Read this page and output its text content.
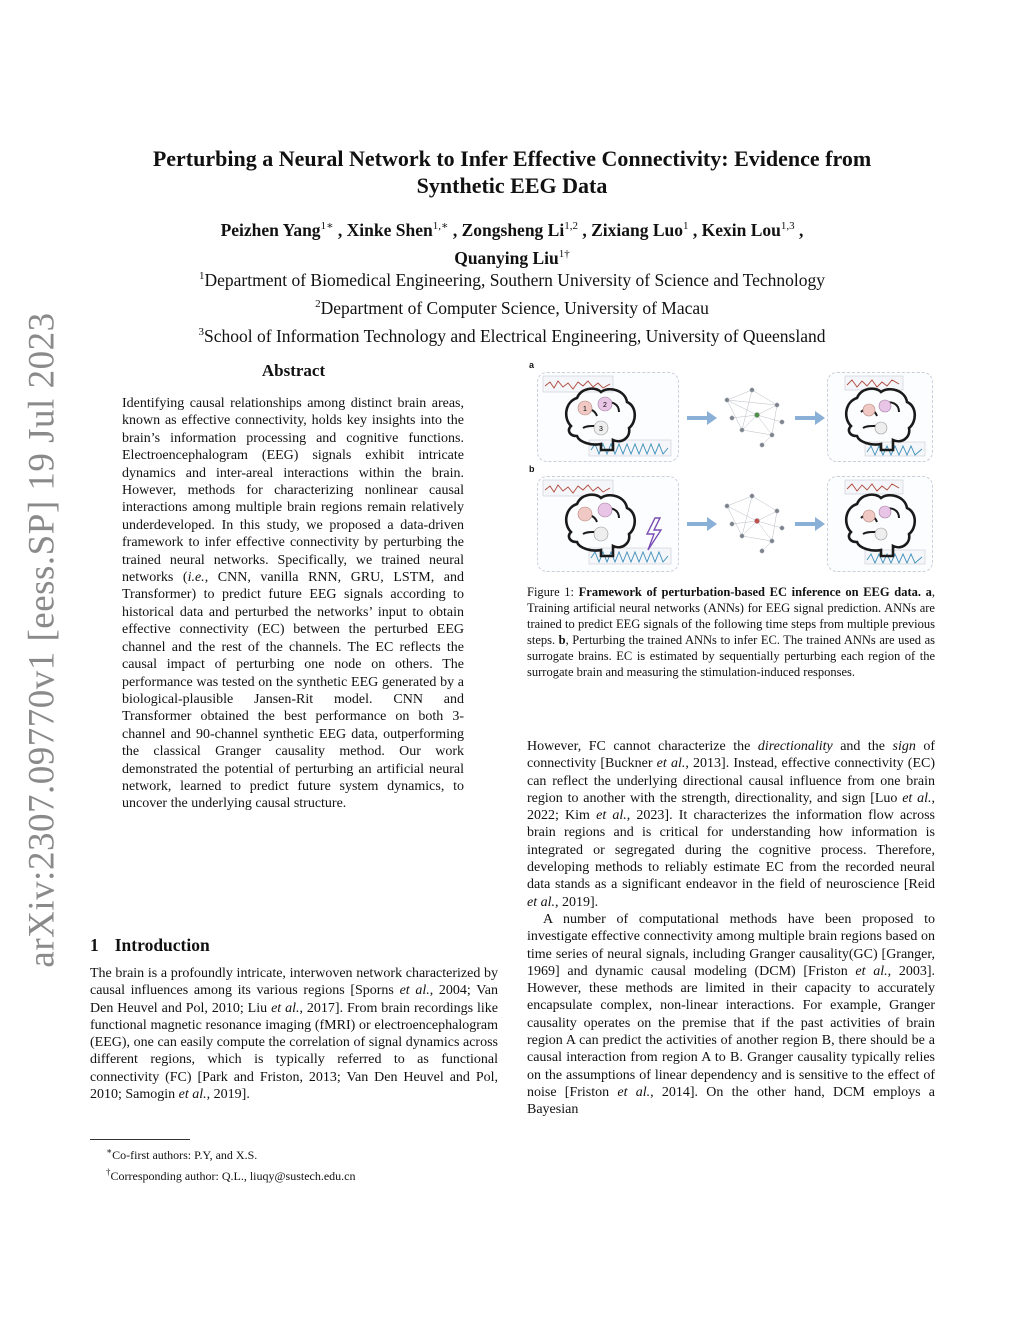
arXiv:2307.09770v1 [eess.SP] 19 Jul 2023
Perturbing a Neural Network to Infer Effective Connectivity: Evidence from
Synthetic EEG Data
Peizhen Yang$^{1∗}$ , Xinke Shen$^{1,∗}$ , Zongsheng Li$^{1,2}$ , Zixiang Luo$^1$ , Kexin Lou$^{1,3}$ ,
Quanying Liu$^{1\dagger}$
$^1$Department of Biomedical Engineering, Southern University of Science and Technology
$^2$Department of Computer Science, University of Macau
$^3$School of Information Technology and Electrical Engineering, University of Queensland
Abstract
Identifying causal relationships among distinct brain areas, known as effective connectivity, holds key insights into the brain’s information processing and cognitive functions. Electroencephalogram (EEG) signals exhibit intricate dynamics and inter-areal interactions within the brain. However, methods for characterizing nonlinear causal interactions among multiple brain regions remain relatively underdeveloped. In this study, we proposed a data-driven framework to infer effective connectivity by perturbing the trained neural networks. Specifically, we trained neural networks (i.e., CNN, vanilla RNN, GRU, LSTM, and Transformer) to predict future EEG signals according to historical data and perturbed the networks’ input to obtain effective connectivity (EC) between the perturbed EEG channel and the rest of the channels. The EC reflects the causal impact of perturbing one node on others. The performance was tested on the synthetic EEG generated by a biological-plausible Jansen-Rit model. CNN and Transformer obtained the best performance on both 3-channel and 90-channel synthetic EEG data, outperforming the classical Granger causality method. Our work demonstrated the potential of perturbing an artificial neural network, learned to predict future system dynamics, to uncover the underlying causal structure.
1 Introduction
The brain is a profoundly intricate, interwoven network characterized by causal influences among its various regions [Sporns et al., 2004; Van Den Heuvel and Pol, 2010; Liu et al., 2017]. From brain recordings like functional magnetic resonance imaging (fMRI) or electroencephalogram (EEG), one can easily compute the correlation of signal dynamics across different regions, which is typically referred to as functional connectivity (FC) [Park and Friston, 2013; Van Den Heuvel and Pol, 2010; Samogin et al., 2019].
∗Co-first authors: P.Y, and X.S.
†Corresponding author: Q.L., liuqy@sustech.edu.cn
a
b
1
2
3
Figure 1: Framework of perturbation-based EC inference on EEG data. a, Training artificial neural networks (ANNs) for EEG signal prediction. ANNs are trained to predict EEG signals of the following time steps from multiple previous steps. b, Perturbing the trained ANNs to infer EC. The trained ANNs are used as surrogate brains. EC is estimated by sequentially perturbing each region of the surrogate brain and measuring the stimulation-induced responses.

However, FC cannot characterize the directionality and the sign of connectivity [Buckner et al., 2013]. Instead, effective connectivity (EC) can reflect the underlying directional causal influence from one brain region to another with the strength, directionality, and sign [Luo et al., 2022; Kim et al., 2023]. It characterizes the information flow across brain regions and is critical for understanding how information is integrated or segregated during the cognitive process. Therefore, developing methods to reliably estimate EC from the recorded neural data stands as a significant endeavor in the field of neuroscience [Reid et al., 2019].

A number of computational methods have been proposed to investigate effective connectivity among multiple brain regions based on time series of neural signals, including Granger causality(GC) [Granger, 1969] and dynamic causal modeling (DCM) [Friston et al., 2003]. However, these methods are limited in their capacity to accurately encapsulate complex, non-linear interactions. For example, Granger causality operates on the premise that if the past activities of brain region A can predict the activities of another region B, there should be a causal interaction from region A to B. Granger causality typically relies on the assumptions of linear dependency and is sensitive to the effect of noise [Friston et al., 2014]. On the other hand, DCM employs a Bayesian
